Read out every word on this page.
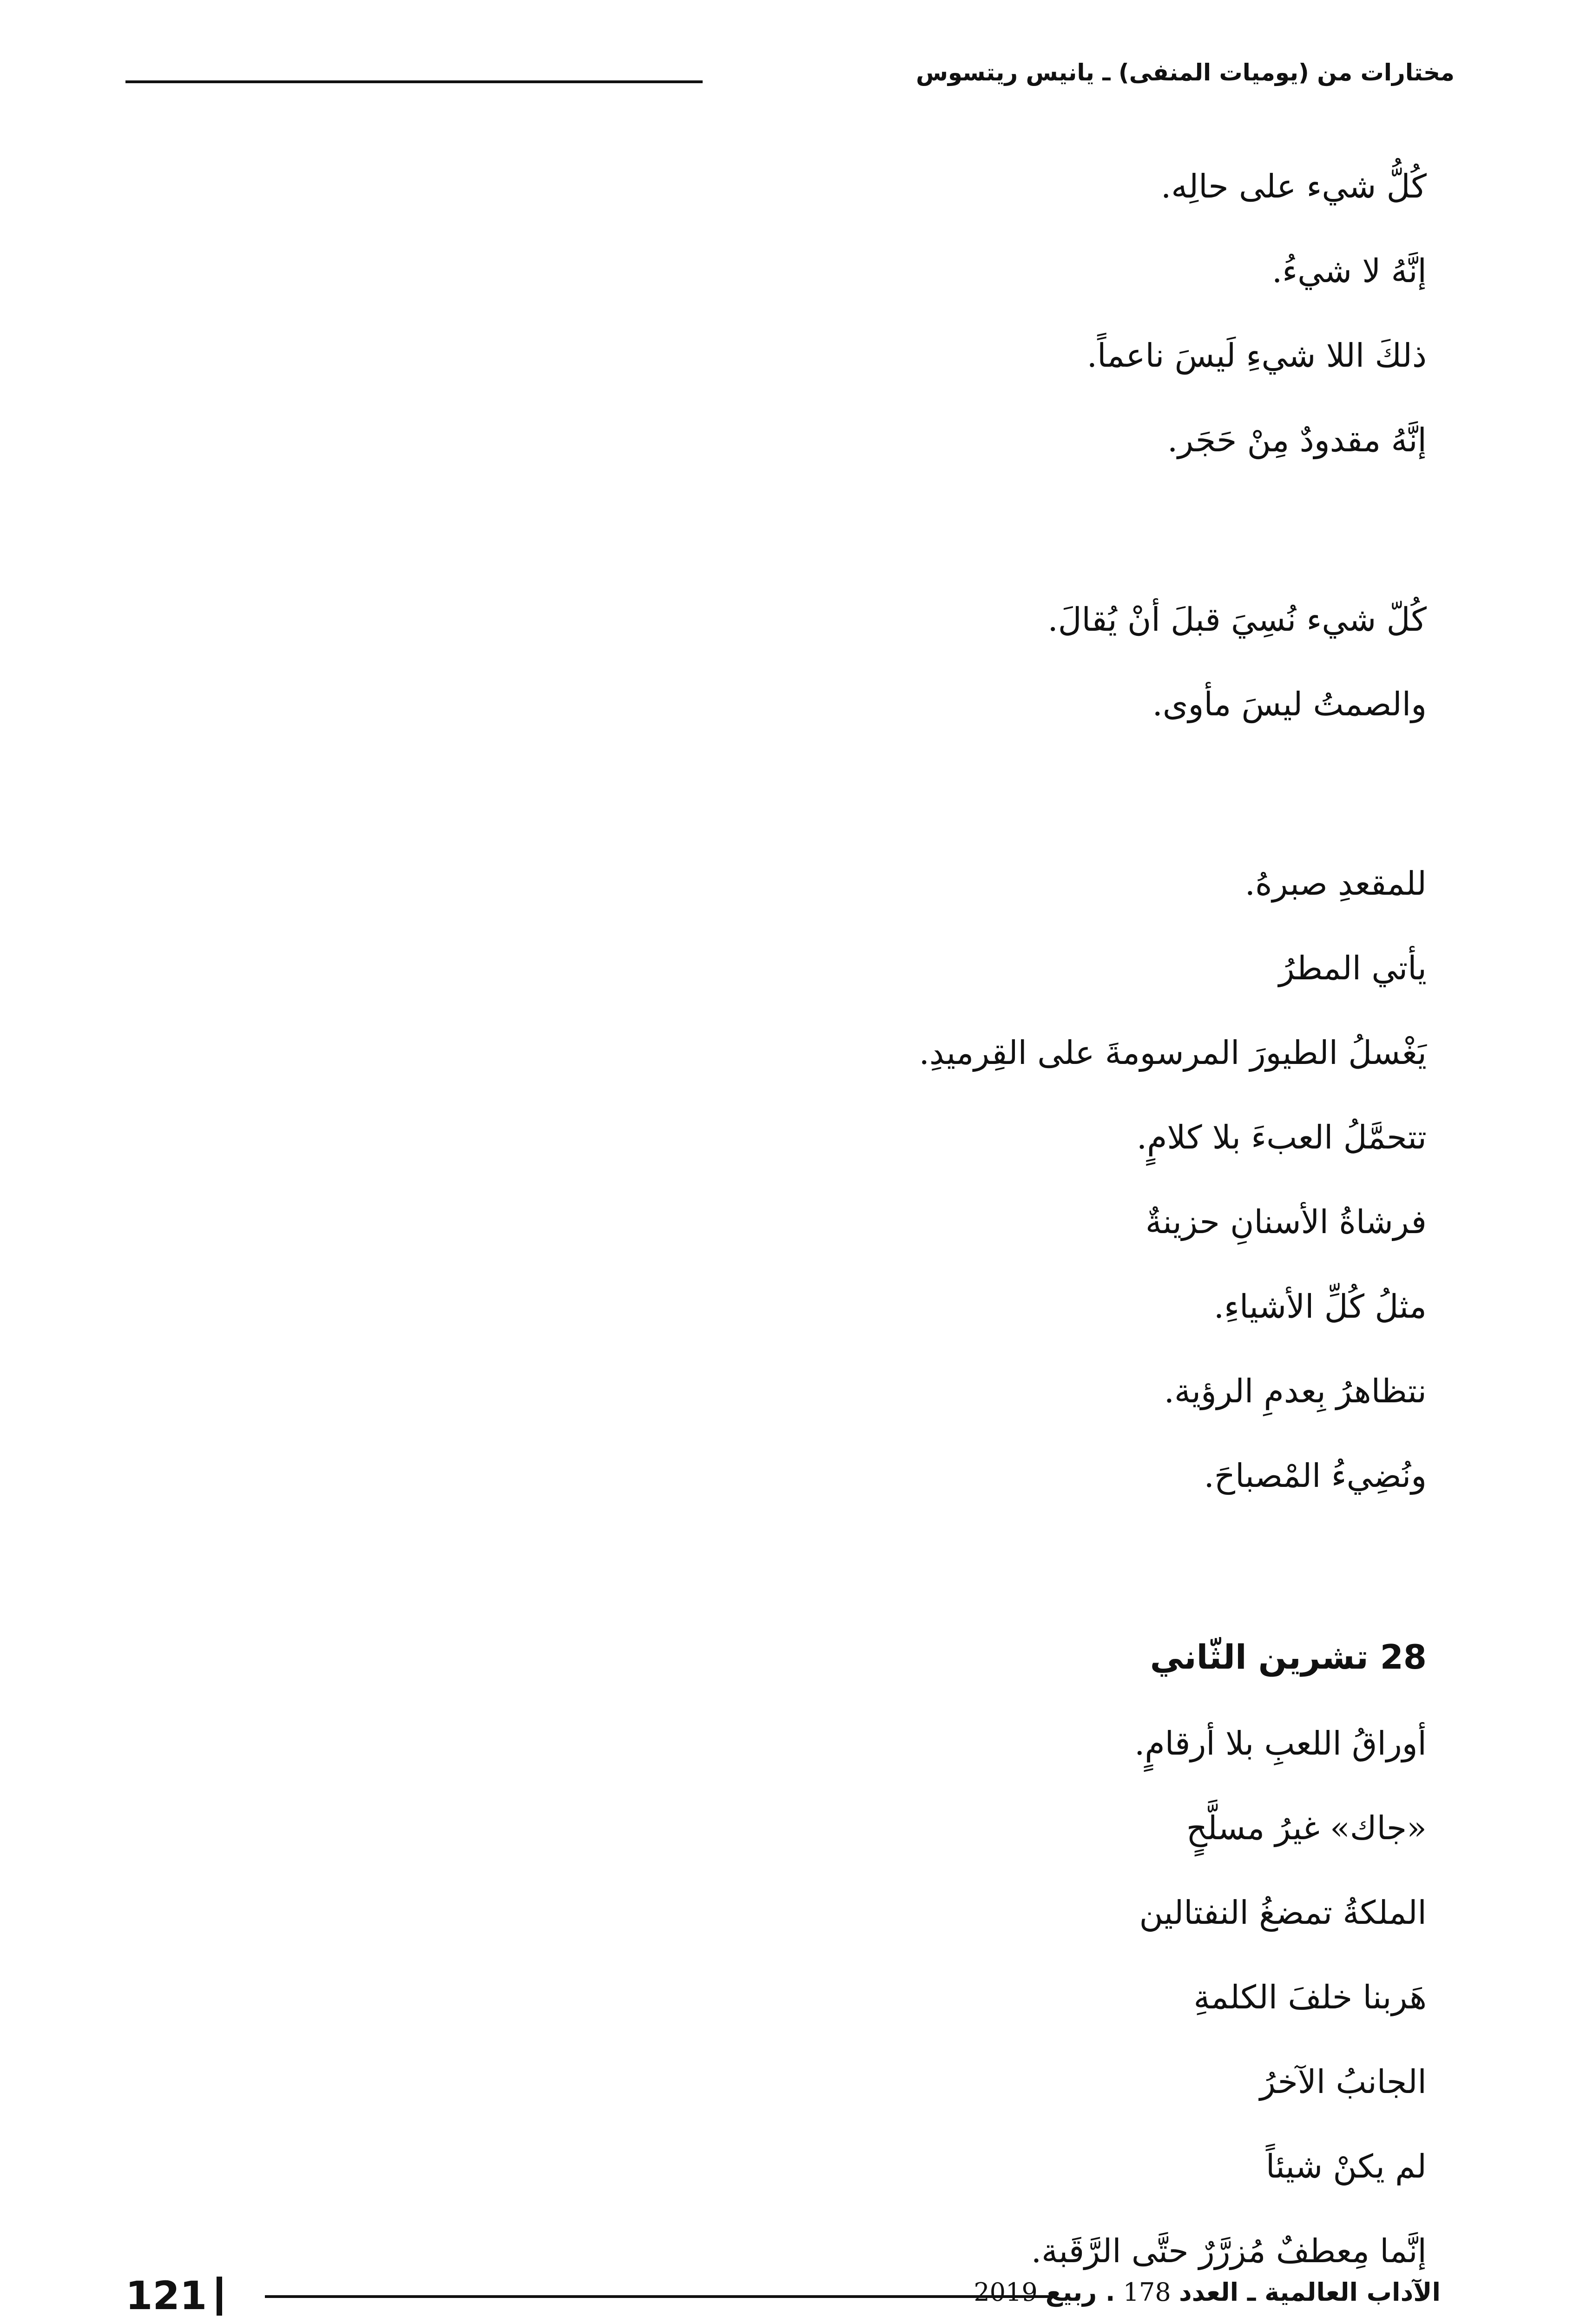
مختارات من (يوميات المنفى) ـ يانيس ريتسوس
كُلُّ شيء على حالِه.
إنَّهُ لا شيءُ.
ذلكَ اللا شيءِ لَيسَ ناعماً.
إنَّهُ مقدودٌ مِنْ حَجَر.
كُلّ شيء نُسِيَ قبلَ أنْ يُقالَ.
والصمتُ ليسَ مأوى.
للمقعدِ صبرهُ.
يأتي المطرُ
يَغْسلُ الطيورَ المرسومةَ على القِرميدِ.
تتحمَّلُ العبءَ بلا كلامٍ.
فرشاةُ الأسنانِ حزينةٌ
مثلُ كُلِّ الأشياءِ.
نتظاهرُ بِعدمِ الرؤية.
ونُضِيءُ المْصباحَ.
28 تشرين الثّاني
أوراقُ اللعبِ بلا أرقامٍ.
«جاك» غيرُ مسلَّحٍ
الملكةُ تمضغُ النفتالين
هَربنا خلفَ الكلمةِ
الجانبُ الآخرُ
لم يكنْ شيئاً
إنَّما مِعطفٌ مُزرَّرٌ حتَّى الرَّقَبة.
121	الآداب العالمية ـ العدد 178 . ربيع 2019
